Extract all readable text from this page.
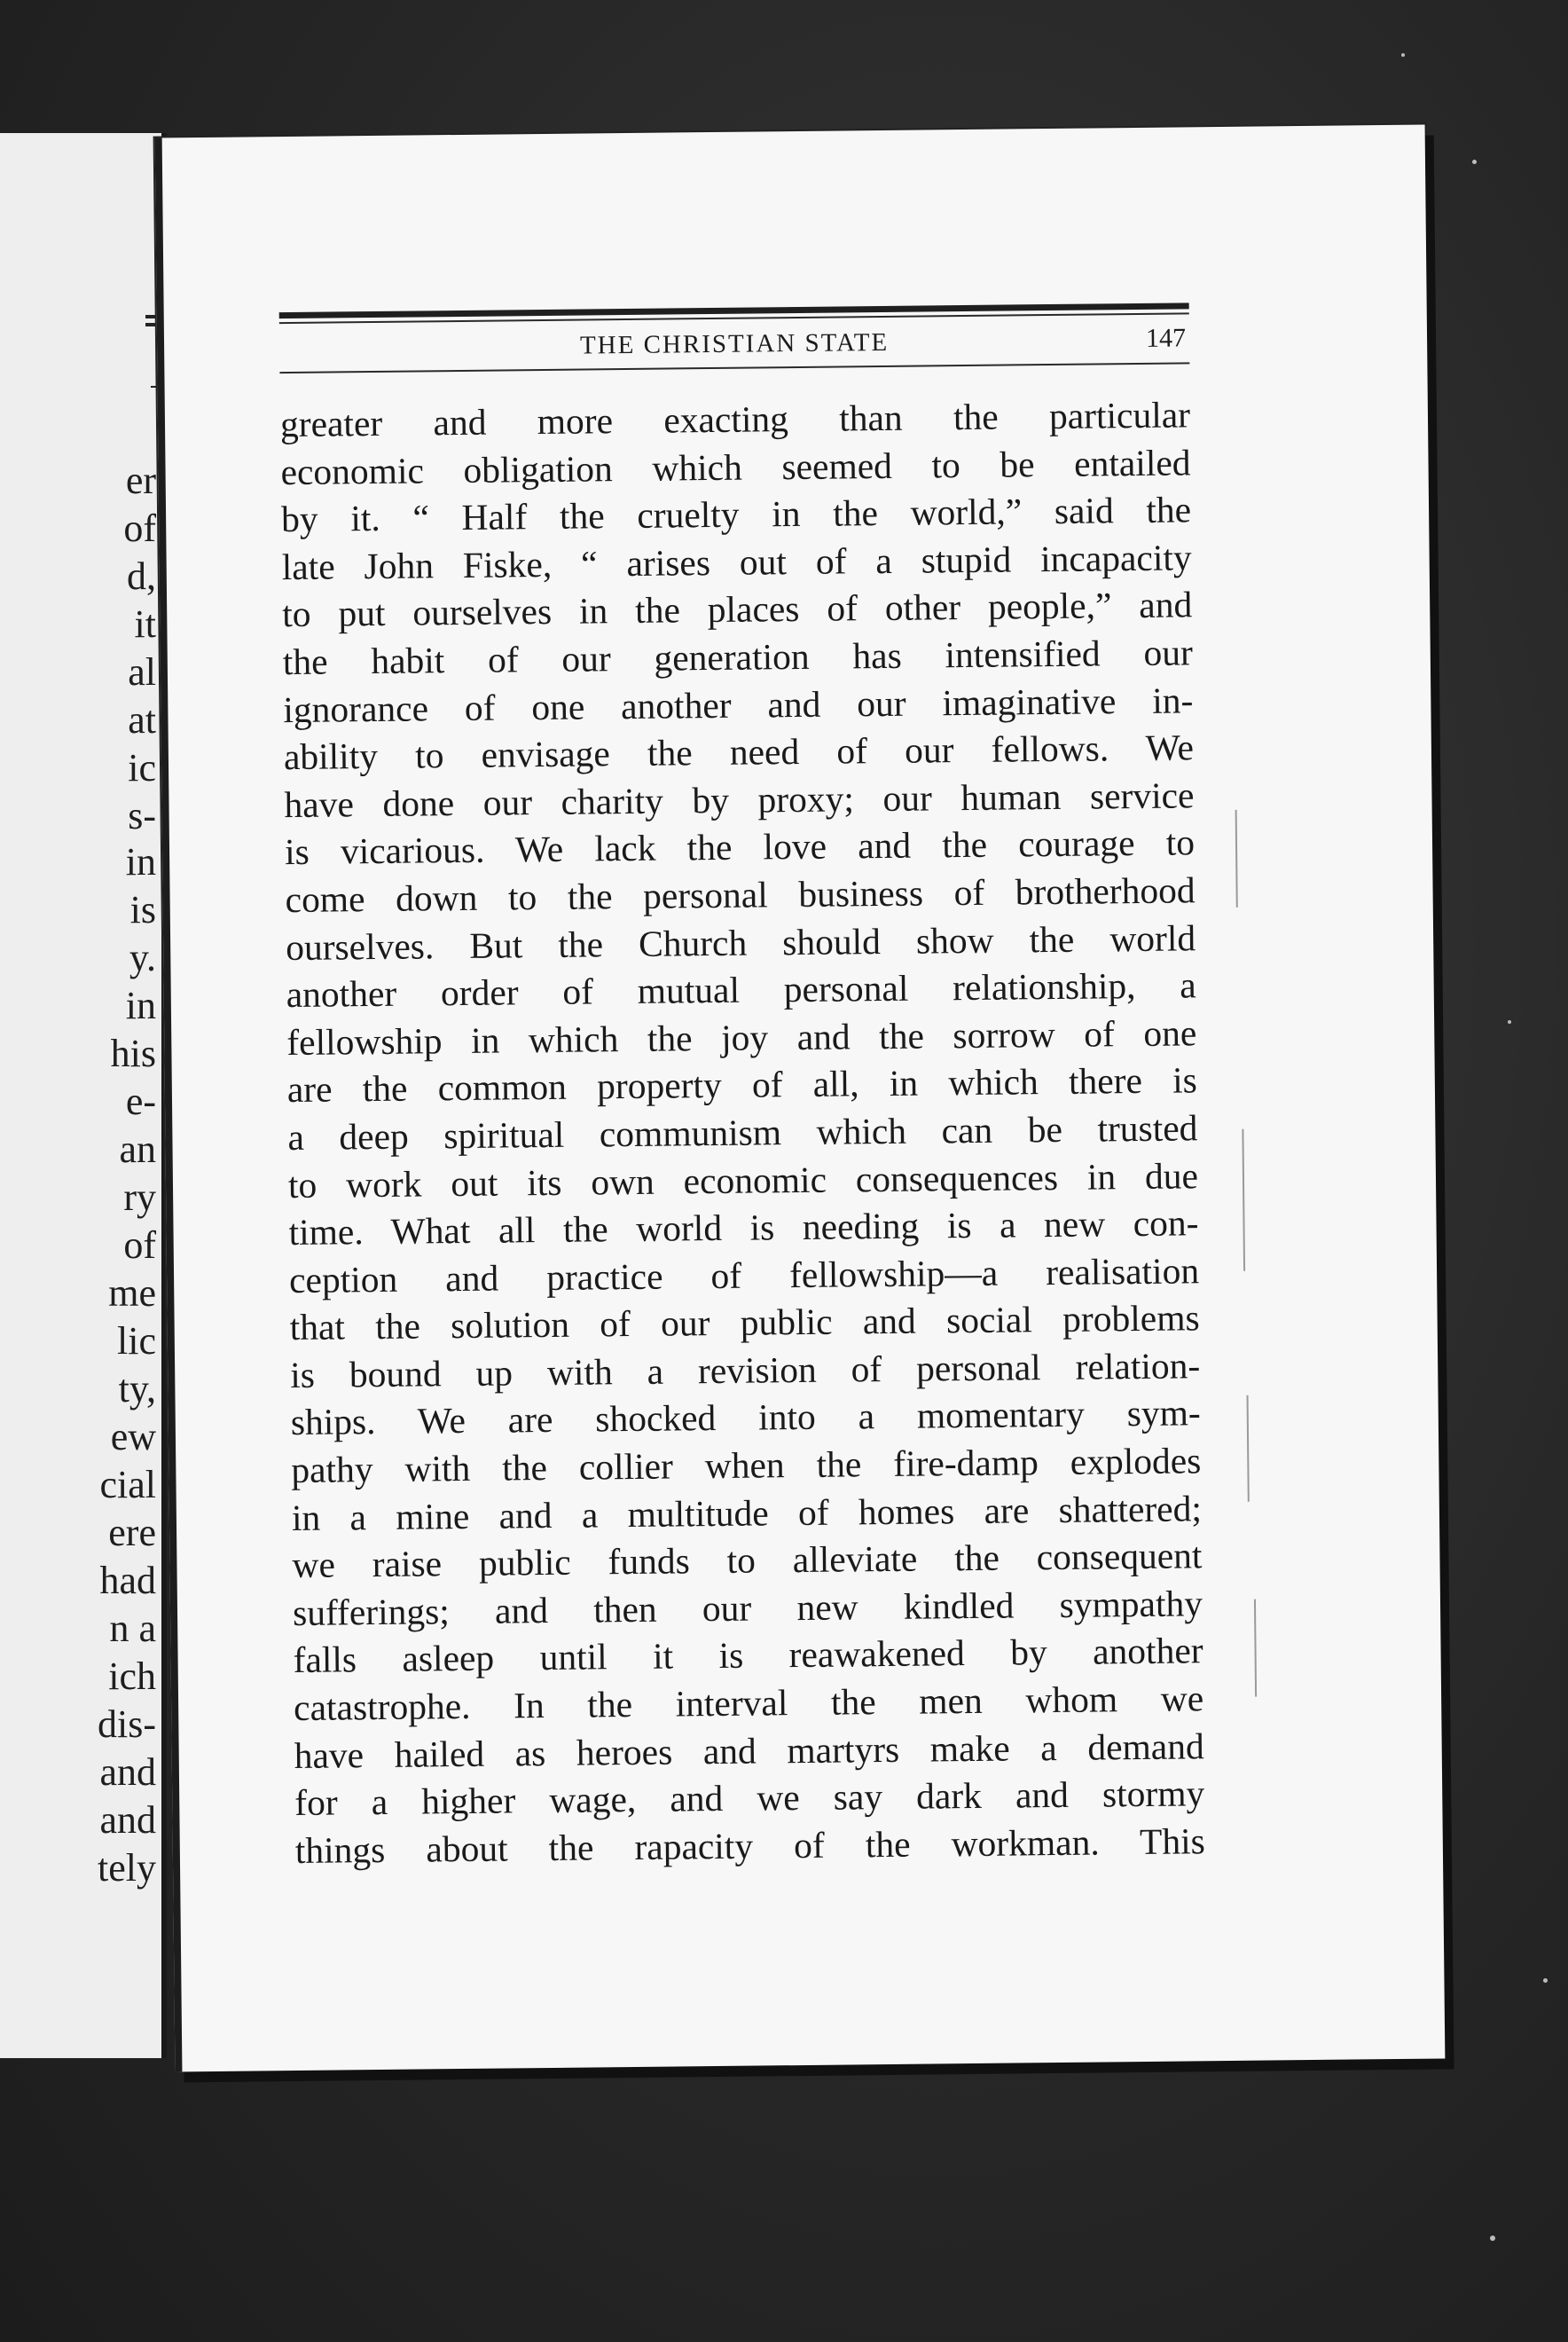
er
of
d,
it
al
at
ic
s-
in
is
y.
in
his
e-
an
ry
of
me
lic
ty,
ew
cial
ere
had
n a
ich
dis-
and
and
tely
THE CHRISTIAN STATE	147
greater and more exacting than the particular
economic obligation which seemed to be entailed
by it. “ Half the cruelty in the world,” said the
late John Fiske, “ arises out of a stupid incapacity
to put ourselves in the places of other people,” and
the habit of our generation has intensified our
ignorance of one another and our imaginative in-
ability to envisage the need of our fellows. We
have done our charity by proxy; our human service
is vicarious. We lack the love and the courage to
come down to the personal business of brotherhood
ourselves. But the Church should show the world
another order of mutual personal relationship, a
fellowship in which the joy and the sorrow of one
are the common property of all, in which there is
a deep spiritual communism which can be trusted
to work out its own economic consequences in due
time. What all the world is needing is a new con-
ception and practice of fellowship—a realisation
that the solution of our public and social problems
is bound up with a revision of personal relation-
ships. We are shocked into a momentary sym-
pathy with the collier when the fire-damp explodes
in a mine and a multitude of homes are shattered;
we raise public funds to alleviate the consequent
sufferings; and then our new kindled sympathy
falls asleep until it is reawakened by another
catastrophe. In the interval the men whom we
have hailed as heroes and martyrs make a demand
for a higher wage, and we say dark and stormy
things about the rapacity of the workman. This
